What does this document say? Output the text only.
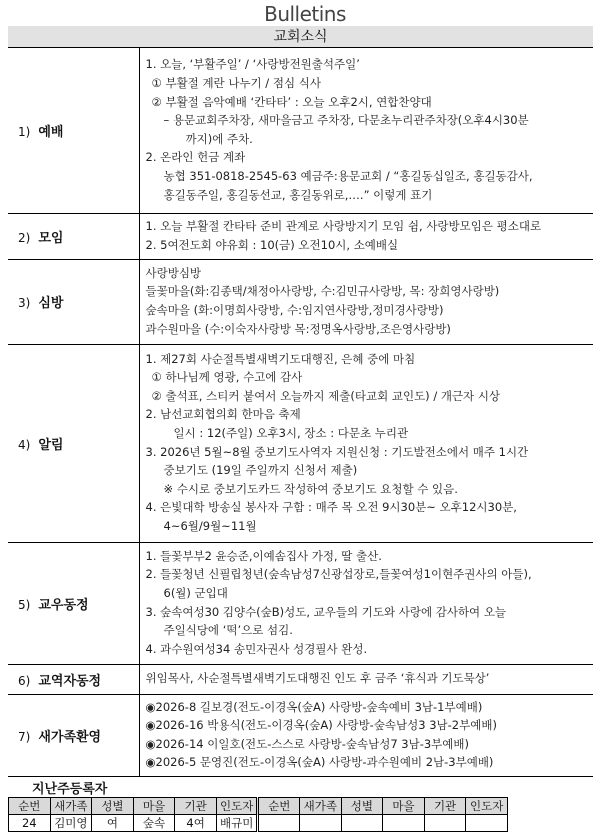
Bulletins
교회소식
1) 예배	
1. 오늘, ‘부활주일’ / ‘사랑방전원출석주일’
① 부활절 계란 나누기 / 점심 식사
② 부활절 음악예배 ‘칸타타’ : 오늘 오후2시, 연합찬양대
– 용문교회주차장, 새마을금고 주차장, 다문초누리관주차장(오후4시30분
까지)에 주차.
2. 온라인 헌금 계좌
농협 351-0818-2545-63 예금주:용문교회 / “홍길동십일조, 홍길동감사,
홍길동주일, 홍길동선교, 홍길동위로,….” 이렇게 표기

2) 모임	1. 오늘 부활절 칸타타 준비 관계로 사랑방지기 모임 쉼, 사랑방모임은 평소대로
2. 5여전도회 야유회 : 10(금) 오전10시, 소예배실

3) 심방	사랑방심방
들꽃마을(화:김종택/채정아사랑방, 수:김민규사랑방, 목: 장희영사랑방)
숲속마을 (화:이명희사랑방, 수:임지연사랑방,정미경사랑방)
과수원마을 (수:이숙자사랑방 목:정명옥사랑방,조은영사랑방)

4) 알림	
1. 제27회 사순절특별새벽기도대행진, 은혜 중에 마침
① 하나님께 영광, 수고에 감사
② 출석표, 스티커 붙여서 오늘까지 제출(타교회 교인도) / 개근자 시상
2. 남선교회협의회 한마음 축제
일시 : 12(주일) 오후3시, 장소 : 다문초 누리관
3. 2026년 5월~8월 중보기도사역자 지원신청 : 기도발전소에서 매주 1시간
중보기도 (19일 주일까지 신청서 제출)
※ 수시로 중보기도카드 작성하여 중보기도 요청할 수 있음.
4. 은빛대학 방송실 봉사자 구함 : 매주 목 오전 9시30분~ 오후12시30분,
4~6월/9월~11월

5) 교우동정	
1. 들꽃부부2 윤승준,이예솜집사 가정, 딸 출산.
2. 들꽃청년 신필립청년(숲속남성7신광섭장로,들꽃여성1이현주권사의 아들),
6(월) 군입대
3. 숲속여성30 김양수(숲B)성도, 교우들의 기도와 사랑에 감사하여 오늘
주일식당에 ‘떡’으로 섬김.
4. 과수원여성34 송민자권사 성경필사 완성.

6) 교역자동정	위임목사, 사순절특별새벽기도대행진 인도 후 금주 ‘휴식과 기도묵상’

7) 새가족환영	◉2026-8 길보경(전도-이경옥(숲A) 사랑방-숲속예비 3남-1부예배)
◉2026-16 박용식(전도-이경옥(숲A) 사랑방-숲속남성3 3남-2부예배)
◉2026-14 이일호(전도-스스로 사랑방-숲속남성7 3남-3부예배)
◉2026-5 문영진(전도-이경옥(숲A) 사랑방-과수원예비 2남-3부예배)
지난주등록자
순번	새가족	성별	마을	기관	인도자	순번	새가족	성별	마을	기관	인도자
24	김미영	여	숲속	4여	배규미						
